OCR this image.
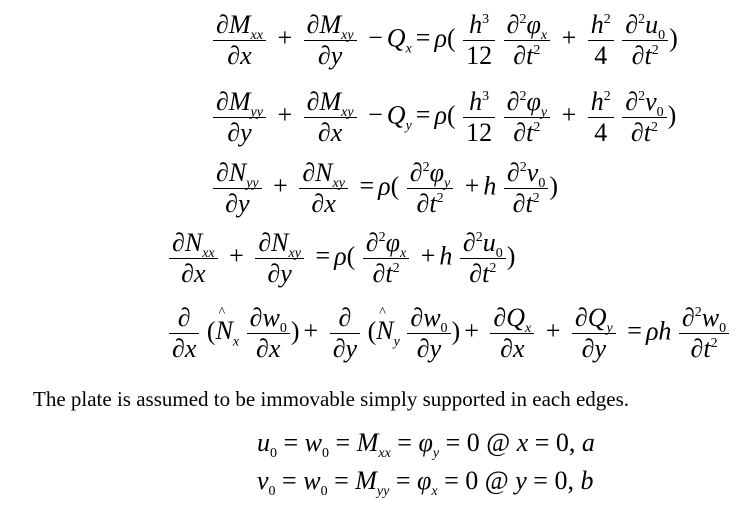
$\frac{\partial M_{xx}}{\partial x} + \frac{\partial M_{xy}}{\partial y} - Q_x = \rho( \frac{h^3}{12}$
$\frac{\partial^2\varphi_x}{\partial t^2} + \frac{h^2}{4}$
$\frac{\partial^2u_0}{\partial t^2}$ )
$\frac{\partial M_{yy}}{\partial y} + \frac{\partial M_{xy}}{\partial x} - Q_y = \rho( \frac{h^3}{12}$
$\frac{\partial^2\varphi_y}{\partial t^2} + \frac{h^2}{4}$
$\frac{\partial^2v_0}{\partial t^2}$ )
$\frac{\partial N_{yy}}{\partial y} + \frac{\partial N_{xy}}{\partial x} = \rho( \frac{\partial^2\varphi_y}{\partial t^2} + h \frac{\partial^2v_0}{\partial t^2}$ )
$\frac{\partial N_{xx}}{\partial x} + \frac{\partial N_{xy}}{\partial y} = \rho( \frac{\partial^2\varphi_x}{\partial t^2} + h \frac{\partial^2u_0}{\partial t^2}$ )
$\frac{\partial}{\partial x}$ (^ $N_x \frac{\partial w_0}{\partial x}$ ) + $\frac{\partial}{\partial y}$ (^ $N_y \frac{\partial w_0}{\partial y}$ ) + $\frac{\partial Q_x}{\partial x} + \frac{\partial Q_y}{\partial y} = \rho h \frac{\partial^2w_0}{\partial t^2}$
The plate is assumed to be immovable simply supported in each edges.
$u_0 = w_0 = M_{xx} = \varphi_y = 0$ @ x = 0, a
$v_0 = w_0 = M_{yy} = \varphi_x = 0$ @ y = 0, b
